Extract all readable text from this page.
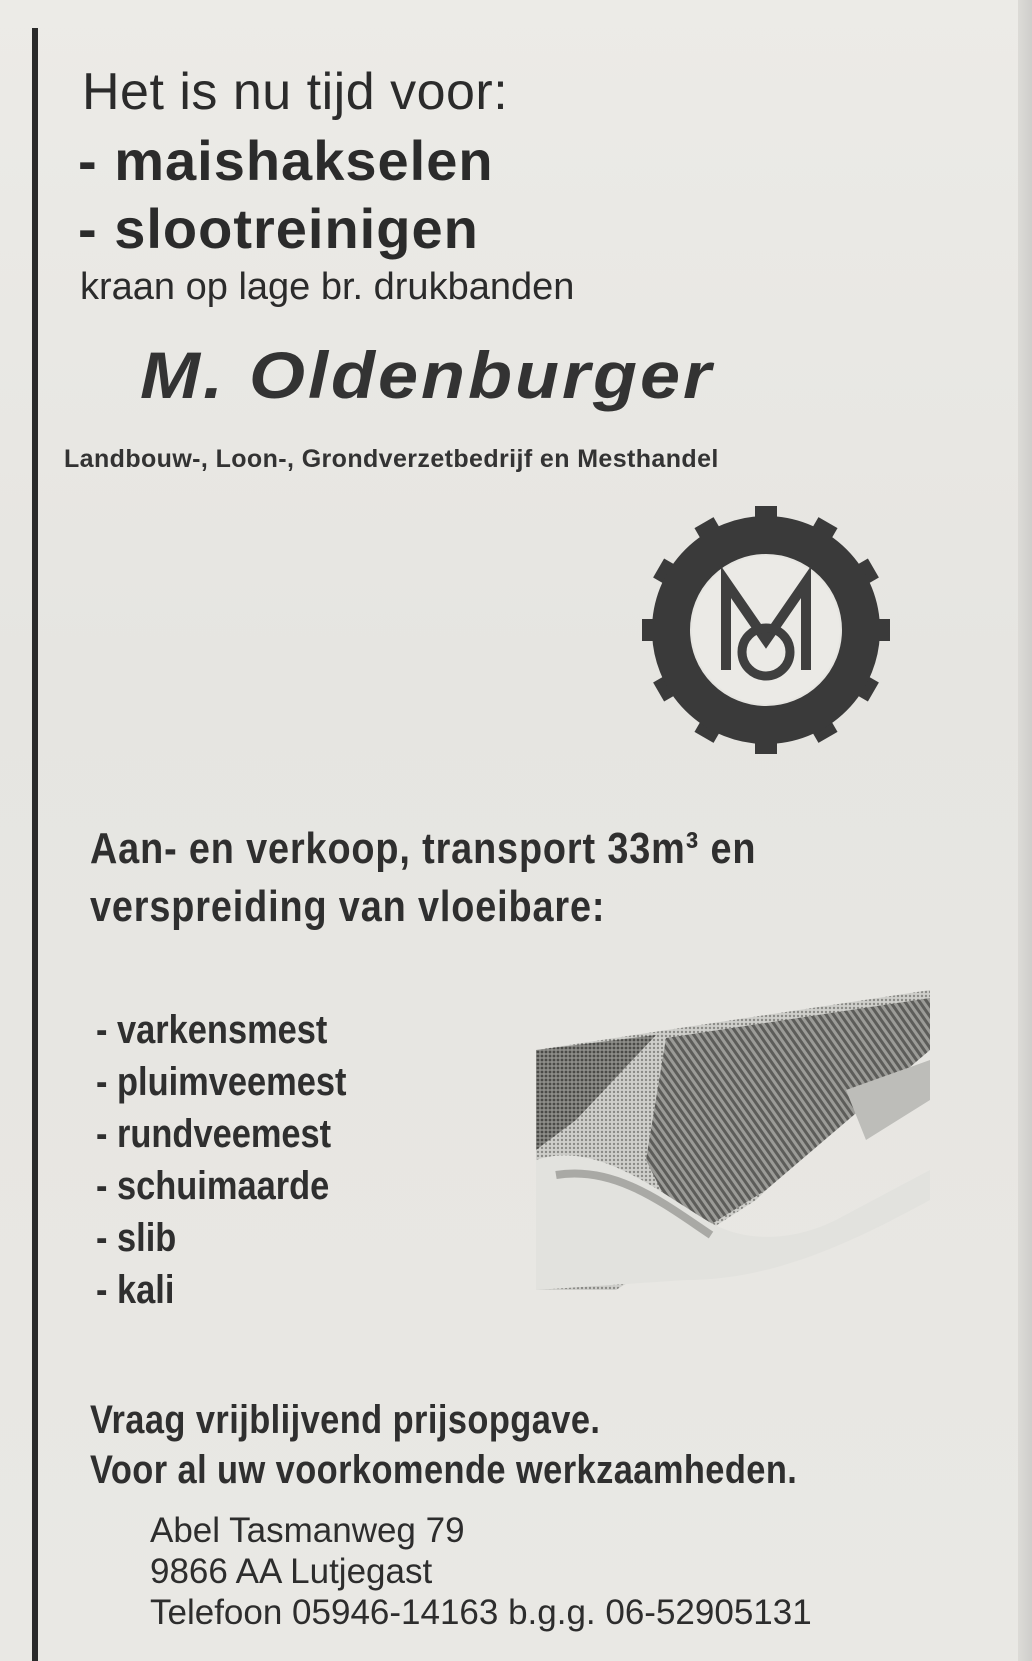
Het is nu tijd voor:

- maishakselen

- slootreinigen

kraan op lage br. drukbanden

M. Oldenburger

Landbouw-, Loon-, Grondverzetbedrijf en Mesthandel

Aan- en verkoop, transport 33m³ en
verspreiding van vloeibare:
- varkensmest
- pluimveemest
- rundveemest
- schuimaarde
- slib
- kali
Vraag vrijblijvend prijsopgave.
Voor al uw voorkomende werkzaamheden.
Abel Tasmanweg 79
9866 AA Lutjegast
Telefoon 05946-14163 b.g.g. 06-52905131
